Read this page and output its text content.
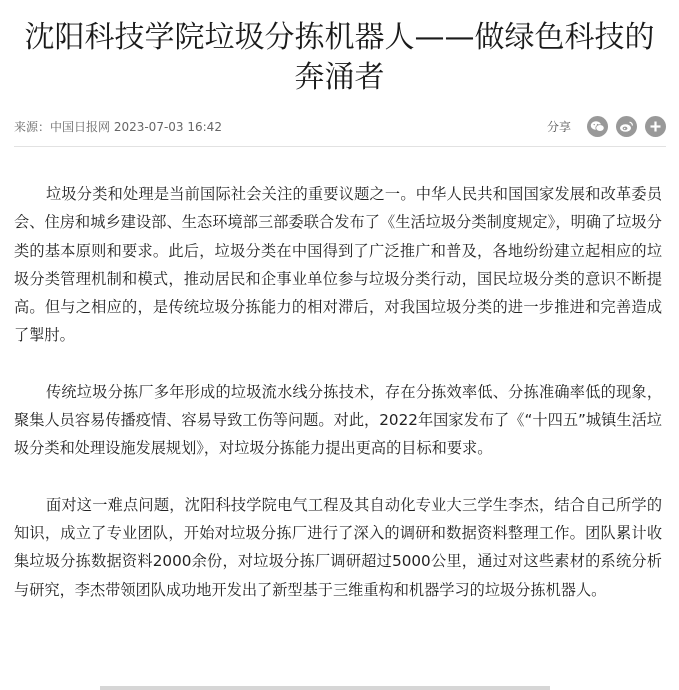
沈阳科技学院垃圾分拣机器人——做绿色科技的奔涌者
来源：中国日报网 2023-07-03 16:42	分享

垃圾分类和处理是当前国际社会关注的重要议题之一。中华人民共和国国家发展和改革委员会、住房和城乡建设部、生态环境部三部委联合发布了《生活垃圾分类制度规定》，明确了垃圾分类的基本原则和要求。此后，垃圾分类在中国得到了广泛推广和普及，各地纷纷建立起相应的垃圾分类管理机制和模式，推动居民和企事业单位参与垃圾分类行动，国民垃圾分类的意识不断提高。但与之相应的，是传统垃圾分拣能力的相对滞后，对我国垃圾分类的进一步推进和完善造成了掣肘。

传统垃圾分拣厂多年形成的垃圾流水线分拣技术，存在分拣效率低、分拣准确率低的现象，聚集人员容易传播疫情、容易导致工伤等问题。对此，2022年国家发布了《“十四五”城镇生活垃圾分类和处理设施发展规划》，对垃圾分拣能力提出更高的目标和要求。

面对这一难点问题，沈阳科技学院电气工程及其自动化专业大三学生李杰，结合自己所学的知识，成立了专业团队，开始对垃圾分拣厂进行了深入的调研和数据资料整理工作。团队累计收集垃圾分拣数据资料2000余份，对垃圾分拣厂调研超过5000公里，通过对这些素材的系统分析与研究，李杰带领团队成功地开发出了新型基于三维重构和机器学习的垃圾分拣机器人。
